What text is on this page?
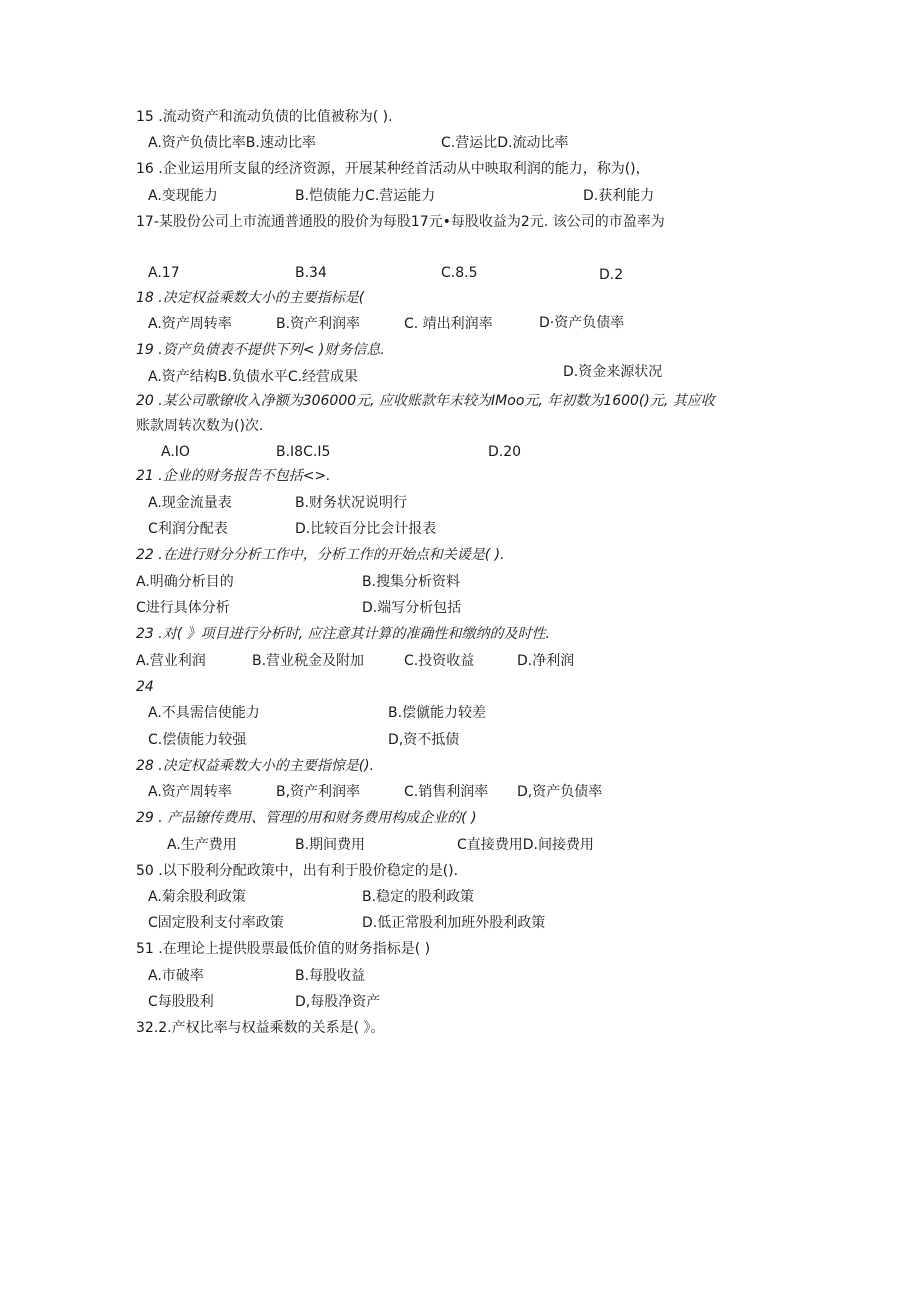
15 .流动资产和流动负债的比值被称为( ).
A.资产负债比率B.速动比率	C.营运比D.流动比率
16 .企业运用所支鼠的经济资源，开展某种经首活动从中映取利润的能力，称为()，
A.变现能力	B.恺债能力C.营运能力	D.获利能力
17-某股份公司上市流通普通股的股价为每股17元•每股收益为2元. 该公司的市盈率为
A.17	B.34	C.8.5	D.2
18 .决定权益乘数大小的主要指标是(
A.资产周转率	B.资产利润率	C. 靖出利润率	D·资产负债率
19 .资产负债表不提供下列< )财务信息.
A.资产结构B.负债水平C.经营成果	D.资金来源状况
20 .某公司歌镣收入净额为306000元, 应收账款年末较为IMoo元, 年初数为1600()元, 其应收
账款周转次数为()次.
A.IO	B.I8C.I5	D.20
21 .企业的财务报告不包括<>.
A.现金流量表	B.财务状况说明行
C利润分配表	D.比较百分比会计报表
22 .在进行财分分析工作中，分析工作的开始点和关谖是( ).
A.明确分析目的	B.搜集分析资料
C进行具体分析	D.端写分析包括
23 .对( 》项目进行分析时, 应注意其计算的准确性和缴纳的及时性.
A.营业利润	B.营业税金及附加	C.投资收益	D.净利润
24
A.不具需信使能力	B.偿僦能力较差
C.偿债能力较强	D,资不抵债
28 .决定权益乘数大小的主要指惊是().
A.资产周转率	B,资产利润率	C.销售利润率 D,资产负债率
29 . 产品镣传费用、管理的用和财务费用构成企业的( )
A.生产费用	B.期间费用	C直接费用D.间接费用
50 .以下股利分配政策中，出有利于股价稳定的是().
A.菊余股利政策	B.稳定的股利政策
C固定股利支付率政策	D.低正常股利加班外股利政策
51 .在理论上提供股票最低价值的财务指标是( )
A.市破率	B.每股收益
C每股股利	D,每股净资产
32.2.产权比率与权益乘数的关系是( 》。
